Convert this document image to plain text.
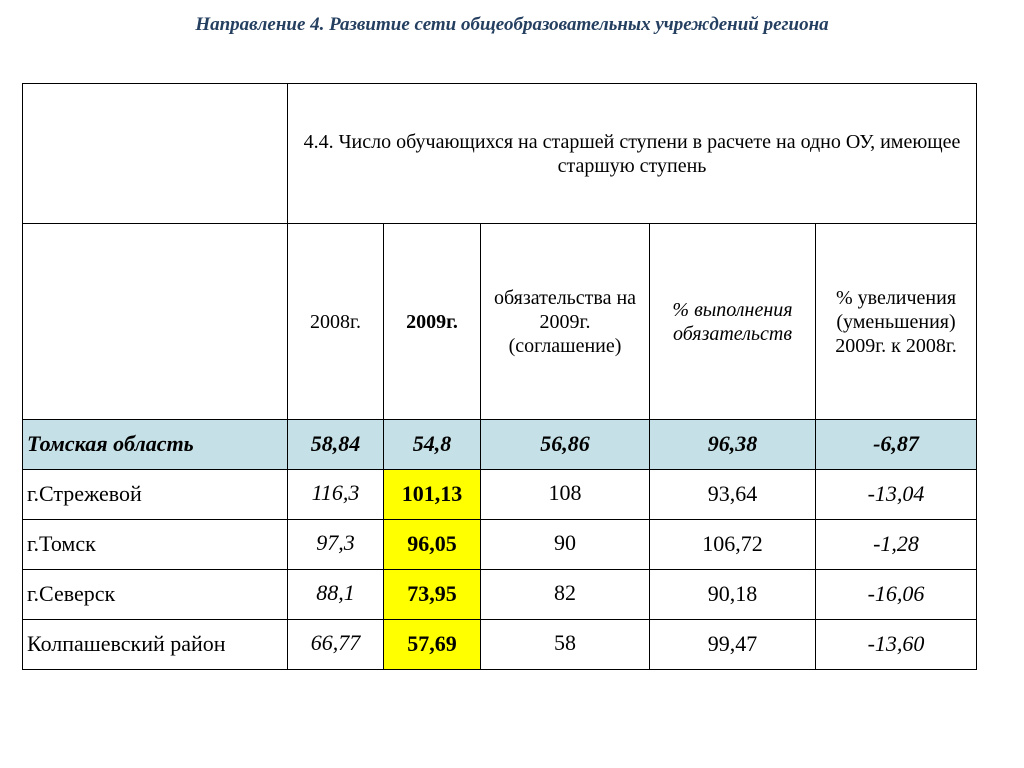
Направление 4. Развитие сети общеобразовательных учреждений региона
	4.4. Число обучающихся на старшей ступени в расчете на одно ОУ, имеющее старшую ступень				
	2008г.	2009г.	обязательства на 2009г. (соглашение)	% выполнения обязательств	% увеличения (уменьшения) 2009г. к 2008г.
Томская область	58,84	54,8	56,86	96,38	-6,87
г.Стрежевой	116,3	101,13	108	93,64	-13,04
г.Томск	97,3	96,05	90	106,72	-1,28
г.Северск	88,1	73,95	82	90,18	-16,06
Колпашевский район	66,77	57,69	58	99,47	-13,60
